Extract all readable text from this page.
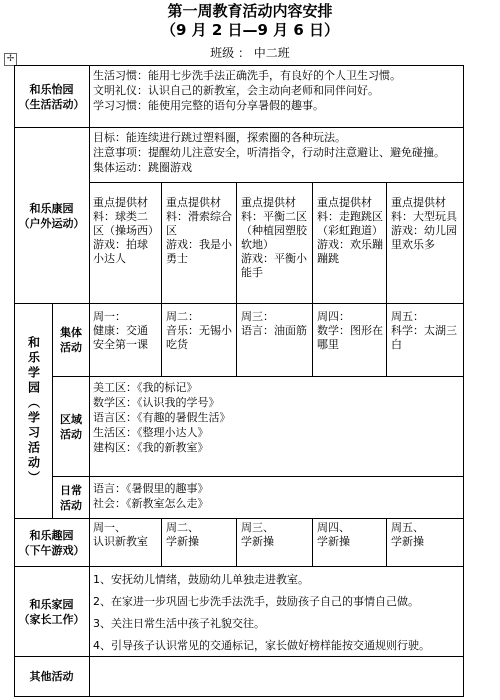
第一周教育活动内容安排
（9 月 2 日—9 月 6 日）
班级 ： 中二班
✢
和乐怡园
（生活活动）
生活习惯：能用七步洗手法正确洗手，有良好的个人卫生习惯。
文明礼仪：认识自己的新教室，会主动向老师和同伴问好。
学习习惯：能使用完整的语句分享暑假的趣事。
和乐康园
（户外运动）
目标：能连续进行跳过塑料圈，探索圈的各种玩法。
注意事项：提醒幼儿注意安全，听清指令，行动时注意避让、避免碰撞。
集体运动：跳圈游戏
重点提供材料：球类二区（操场西）
游戏：拍球小达人
重点提供材料：滑索综合区
游戏：我是小勇士
重点提供材料：平衡二区（种植园塑胶软地）
游戏：平衡小能手
重点提供材料：走跑跳区（彩虹跑道）
游戏：欢乐蹦蹦跳
重点提供材料：大型玩具
游戏：幼儿园里欢乐多
和乐学园（学习活动）
集体活动
周一：
健康：交通安全第一课
周二：
音乐：无锡小吃货
周三：
语言：油面筋
周四：
数学：图形在哪里
周五：
科学：太湖三白
区域活动
美工区：《我的标记》
数学区：《认识我的学号》
语言区：《有趣的暑假生活》
生活区：《整理小达人》
建构区：《我的新教室》
日常活动
语言：《暑假里的趣事》
社会：《新教室怎么走》
和乐趣园
（下午游戏）
周一、
认识新教室
周二、
学新操
周三、
学新操
周四、
学新操
周五、
学新操
和乐家园
（家长工作）
1、安抚幼儿情绪，鼓励幼儿单独走进教室。
2、在家进一步巩固七步洗手法洗手，鼓励孩子自己的事情自己做。
3、关注日常生活中孩子礼貌交往。
4、引导孩子认识常见的交通标记，家长做好榜样能按交通规则行驶。
其他活动
